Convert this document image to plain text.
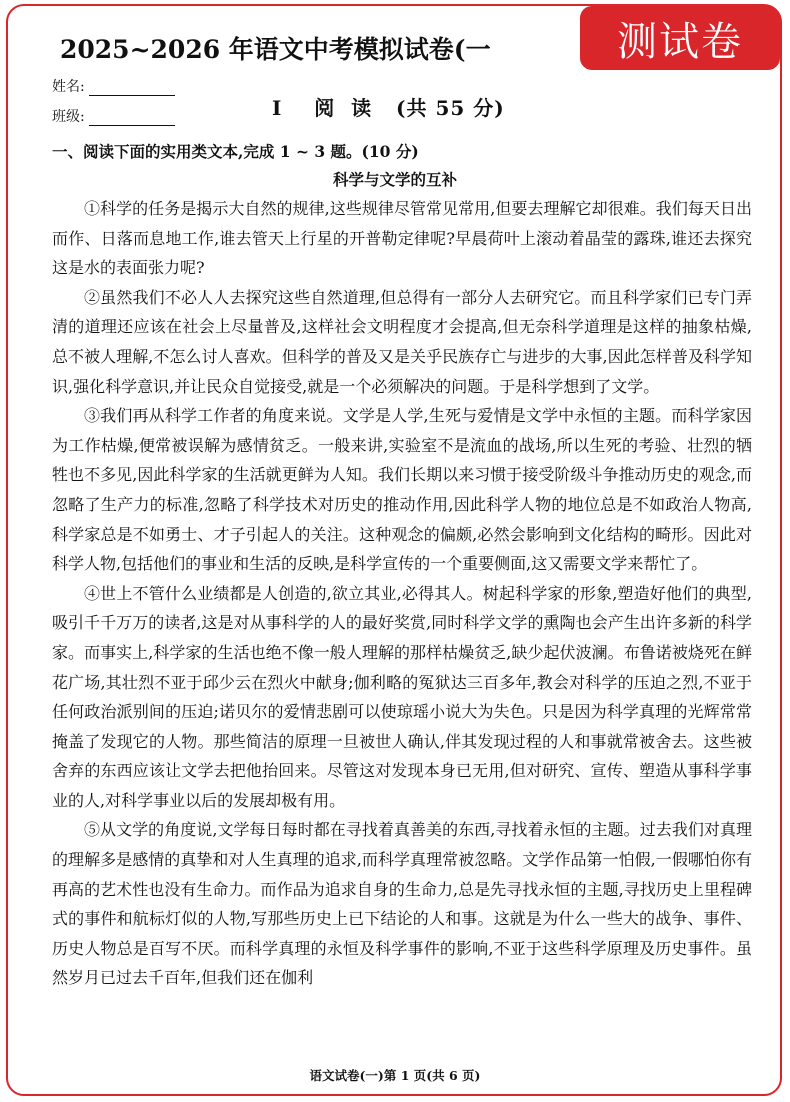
2025~2026 年语文中考模拟试卷(一	测试卷
姓名:
班级:	I    阅  读   (共 55 分)
一、阅读下面的实用类文本,完成 1 ~ 3 题。(10 分)
科学与文学的互补

①科学的任务是揭示大自然的规律,这些规律尽管常见常用,但要去理解它却很难。我们每天日出而作、日落而息地工作,谁去管天上行星的开普勒定律呢?早晨荷叶上滚动着晶莹的露珠,谁还去探究这是水的表面张力呢?

②虽然我们不必人人去探究这些自然道理,但总得有一部分人去研究它。而且科学家们已专门弄清的道理还应该在社会上尽量普及,这样社会文明程度才会提高,但无奈科学道理是这样的抽象枯燥,总不被人理解,不怎么讨人喜欢。但科学的普及又是关乎民族存亡与进步的大事,因此怎样普及科学知识,强化科学意识,并让民众自觉接受,就是一个必须解决的问题。于是科学想到了文学。

③我们再从科学工作者的角度来说。文学是人学,生死与爱情是文学中永恒的主题。而科学家因为工作枯燥,便常被误解为感情贫乏。一般来讲,实验室不是流血的战场,所以生死的考验、壮烈的牺牲也不多见,因此科学家的生活就更鲜为人知。我们长期以来习惯于接受阶级斗争推动历史的观念,而忽略了生产力的标准,忽略了科学技术对历史的推动作用,因此科学人物的地位总是不如政治人物高,科学家总是不如勇士、才子引起人的关注。这种观念的偏颇,必然会影响到文化结构的畸形。因此对科学人物,包括他们的事业和生活的反映,是科学宣传的一个重要侧面,这又需要文学来帮忙了。

④世上不管什么业绩都是人创造的,欲立其业,必得其人。树起科学家的形象,塑造好他们的典型,吸引千千万万的读者,这是对从事科学的人的最好奖赏,同时科学文学的熏陶也会产生出许多新的科学家。而事实上,科学家的生活也绝不像一般人理解的那样枯燥贫乏,缺少起伏波澜。布鲁诺被烧死在鲜花广场,其壮烈不亚于邱少云在烈火中献身;伽利略的冤狱达三百多年,教会对科学的压迫之烈,不亚于任何政治派别间的压迫;诺贝尔的爱情悲剧可以使琼瑶小说大为失色。只是因为科学真理的光辉常常掩盖了发现它的人物。那些简洁的原理一旦被世人确认,伴其发现过程的人和事就常被舍去。这些被舍弃的东西应该让文学去把他抬回来。尽管这对发现本身已无用,但对研究、宣传、塑造从事科学事业的人,对科学事业以后的发展却极有用。

⑤从文学的角度说,文学每日每时都在寻找着真善美的东西,寻找着永恒的主题。过去我们对真理的理解多是感情的真挚和对人生真理的追求,而科学真理常被忽略。文学作品第一怕假,一假哪怕你有再高的艺术性也没有生命力。而作品为追求自身的生命力,总是先寻找永恒的主题,寻找历史上里程碑式的事件和航标灯似的人物,写那些历史上已下结论的人和事。这就是为什么一些大的战争、事件、历史人物总是百写不厌。而科学真理的永恒及科学事件的影响,不亚于这些科学原理及历史事件。虽然岁月已过去千百年,但我们还在伽利

语文试卷(一)第 1 页(共 6 页)
